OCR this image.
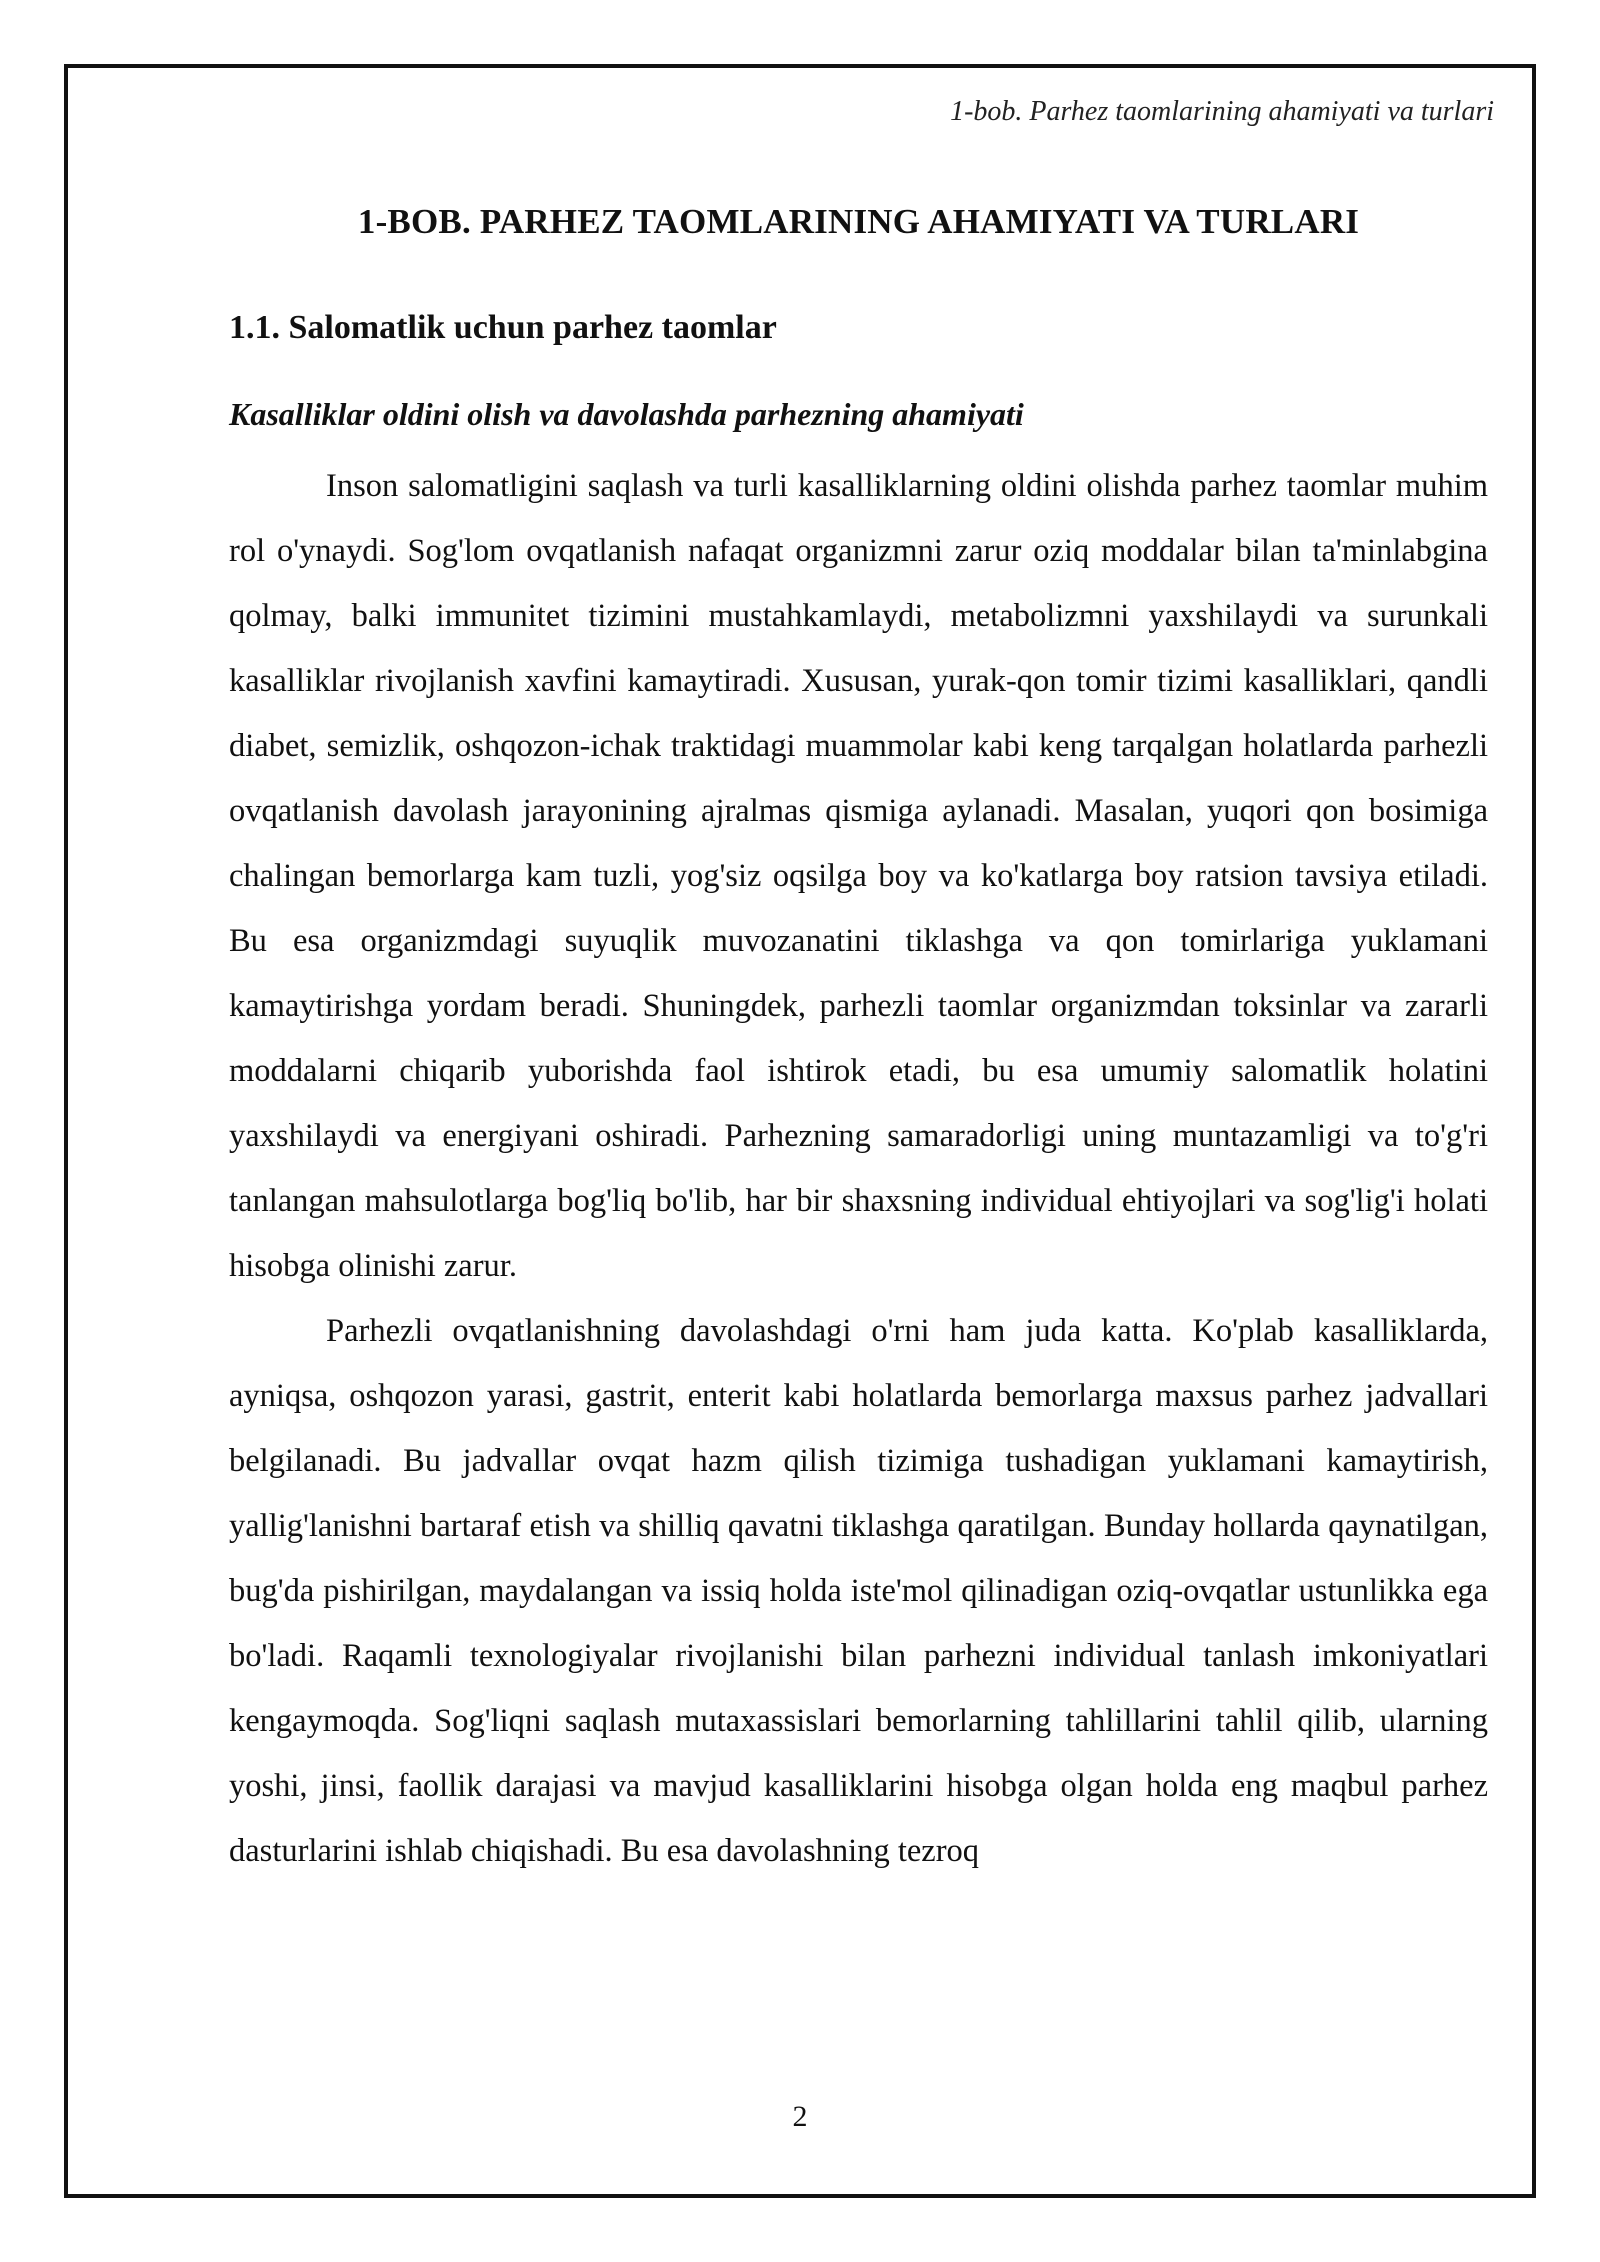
1-bob. Parhez taomlarining ahamiyati va turlari
1-BOB. PARHEZ TAOMLARINING AHAMIYATI VA TURLARI
1.1. Salomatlik uchun parhez taomlar
Kasalliklar oldini olish va davolashda parhezning ahamiyati

Inson salomatligini saqlash va turli kasalliklarning oldini olishda parhez taomlar muhim rol o'ynaydi. Sog'lom ovqatlanish nafaqat organizmni zarur oziq moddalar bilan ta'minlabgina qolmay, balki immunitet tizimini mustahkamlaydi, metabolizmni yaxshilaydi va surunkali kasalliklar rivojlanish xavfini kamaytiradi. Xususan, yurak-qon tomir tizimi kasalliklari, qandli diabet, semizlik, oshqozon-ichak traktidagi muammolar kabi keng tarqalgan holatlarda parhezli ovqatlanish davolash jarayonining ajralmas qismiga aylanadi. Masalan, yuqori qon bosimiga chalingan bemorlarga kam tuzli, yog'siz oqsilga boy va ko'katlarga boy ratsion tavsiya etiladi. Bu esa organizmdagi suyuqlik muvozanatini tiklashga va qon tomirlariga yuklamani kamaytirishga yordam beradi. Shuningdek, parhezli taomlar organizmdan toksinlar va zararli moddalarni chiqarib yuborishda faol ishtirok etadi, bu esa umumiy salomatlik holatini yaxshilaydi va energiyani oshiradi. Parhezning samaradorligi uning muntazamligi va to'g'ri tanlangan mahsulotlarga bog'liq bo'lib, har bir shaxsning individual ehtiyojlari va sog'lig'i holati hisobga olinishi zarur.

Parhezli ovqatlanishning davolashdagi o'rni ham juda katta. Ko'plab kasalliklarda, ayniqsa, oshqozon yarasi, gastrit, enterit kabi holatlarda bemorlarga maxsus parhez jadvallari belgilanadi. Bu jadvallar ovqat hazm qilish tizimiga tushadigan yuklamani kamaytirish, yallig'lanishni bartaraf etish va shilliq qavatni tiklashga qaratilgan. Bunday hollarda qaynatilgan, bug'da pishirilgan, maydalangan va issiq holda iste'mol qilinadigan oziq-ovqatlar ustunlikka ega bo'ladi. Raqamli texnologiyalar rivojlanishi bilan parhezni individual tanlash imkoniyatlari kengaymoqda. Sog'liqni saqlash mutaxassislari bemorlarning tahlillarini tahlil qilib, ularning yoshi, jinsi, faollik darajasi va mavjud kasalliklarini hisobga olgan holda eng maqbul parhez dasturlarini ishlab chiqishadi. Bu esa davolashning tezroq

2
